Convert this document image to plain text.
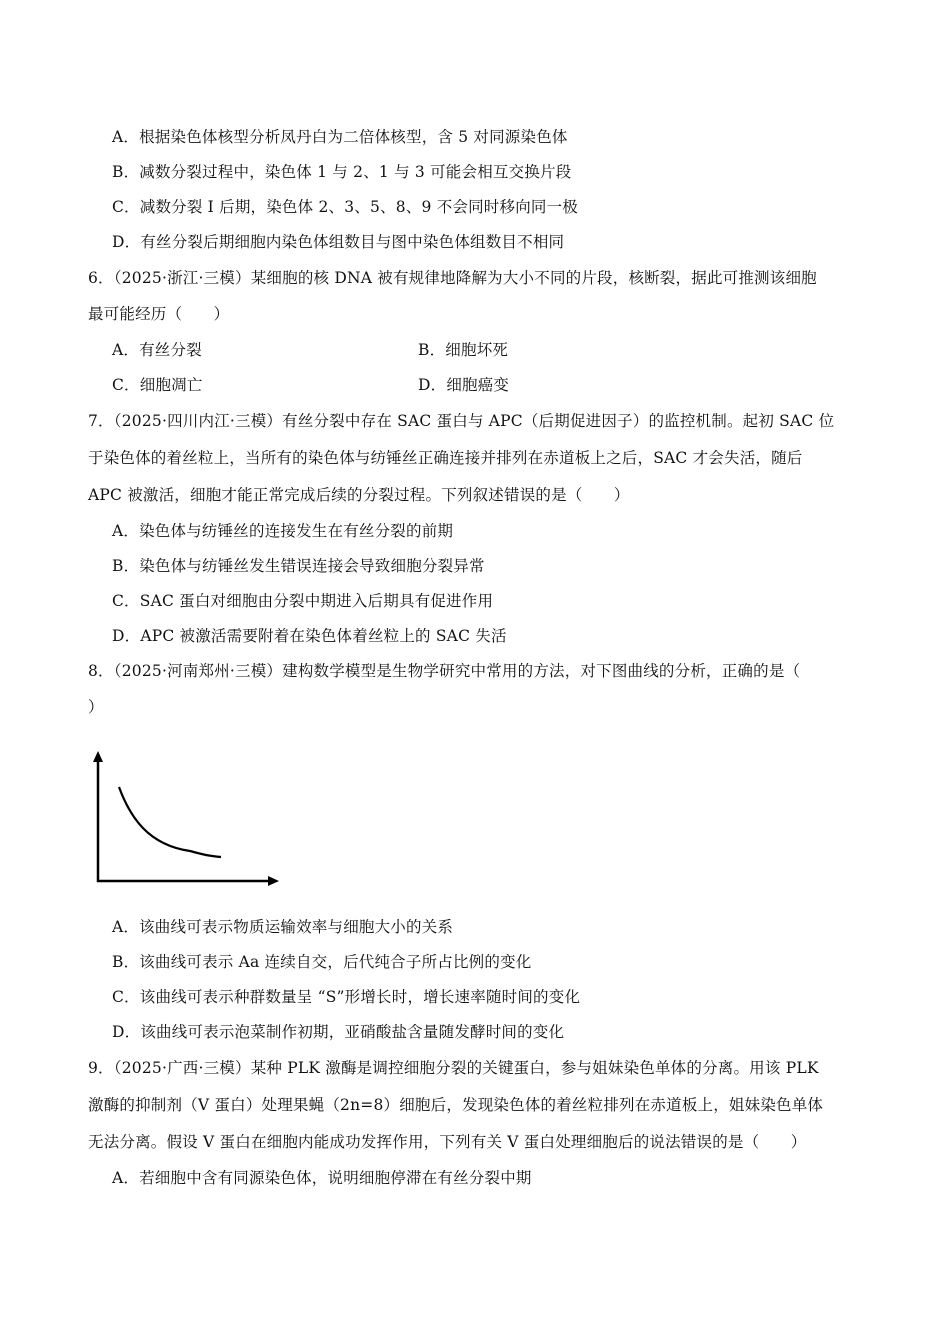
A．根据染色体核型分析凤丹白为二倍体核型，含 5 对同源染色体
B．减数分裂过程中，染色体 1 与 2、1 与 3 可能会相互交换片段
C．减数分裂 I 后期，染色体 2、3、5、8、9 不会同时移向同一极
D．有丝分裂后期细胞内染色体组数目与图中染色体组数目不相同
6．（2025·浙江·三模）某细胞的核 DNA 被有规律地降解为大小不同的片段，核断裂，据此可推测该细胞
最可能经历（　　）
A．有丝分裂	B．细胞坏死
C．细胞凋亡	D．细胞癌变
7．（2025·四川内江·三模）有丝分裂中存在 SAC 蛋白与 APC（后期促进因子）的监控机制。起初 SAC 位
于染色体的着丝粒上，当所有的染色体与纺锤丝正确连接并排列在赤道板上之后，SAC 才会失活，随后
APC 被激活，细胞才能正常完成后续的分裂过程。下列叙述错误的是（　　）
A．染色体与纺锤丝的连接发生在有丝分裂的前期
B．染色体与纺锤丝发生错误连接会导致细胞分裂异常
C．SAC 蛋白对细胞由分裂中期进入后期具有促进作用
D．APC 被激活需要附着在染色体着丝粒上的 SAC 失活
8．（2025·河南郑州·三模）建构数学模型是生物学研究中常用的方法，对下图曲线的分析，正确的是（
）
A．该曲线可表示物质运输效率与细胞大小的关系
B．该曲线可表示 Aa 连续自交，后代纯合子所占比例的变化
C．该曲线可表示种群数量呈 “S”形增长时，增长速率随时间的变化
D．该曲线可表示泡菜制作初期，亚硝酸盐含量随发酵时间的变化
9．（2025·广西·三模）某种 PLK 激酶是调控细胞分裂的关键蛋白，参与姐妹染色单体的分离。用该 PLK
激酶的抑制剂（V 蛋白）处理果蝇（2n=8）细胞后，发现染色体的着丝粒排列在赤道板上，姐妹染色单体
无法分离。假设 V 蛋白在细胞内能成功发挥作用，下列有关 V 蛋白处理细胞后的说法错误的是（　　）
A．若细胞中含有同源染色体，说明细胞停滞在有丝分裂中期
